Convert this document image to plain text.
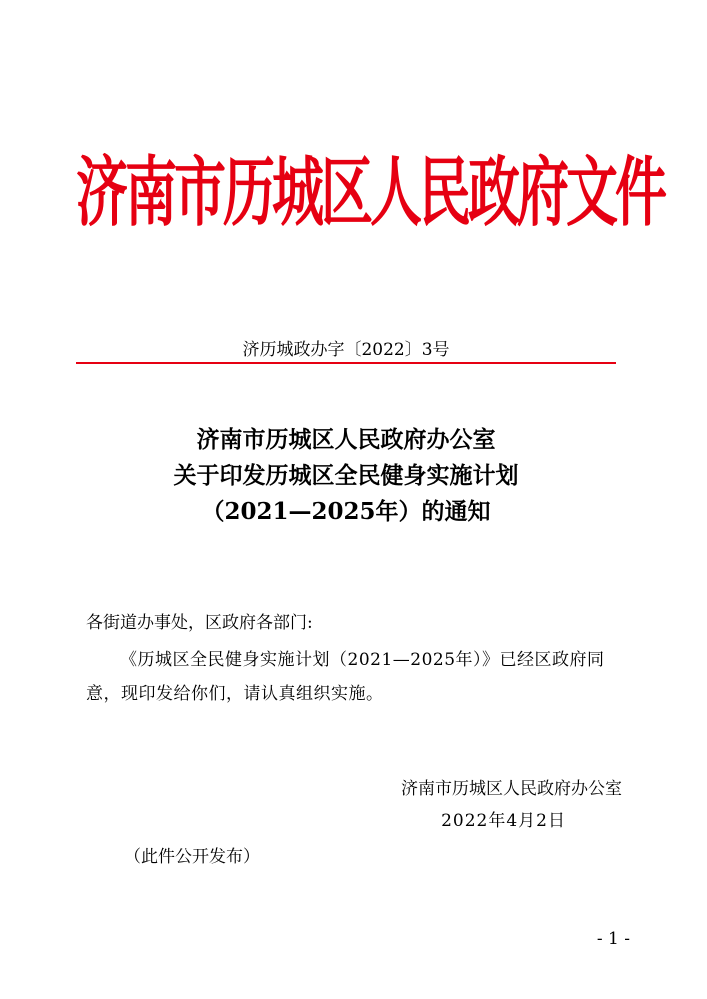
济南市历城区人民政府文件
济历城政办字〔2022〕3号
济南市历城区人民政府办公室
关于印发历城区全民健身实施计划
（2021—2025年）的通知
各街道办事处，区政府各部门:
《历城区全民健身实施计划（2021—2025年）》已经区政府同意，现印发给你们，请认真组织实施。
济南市历城区人民政府办公室
2022年4月2日
（此件公开发布）
- 1 -
